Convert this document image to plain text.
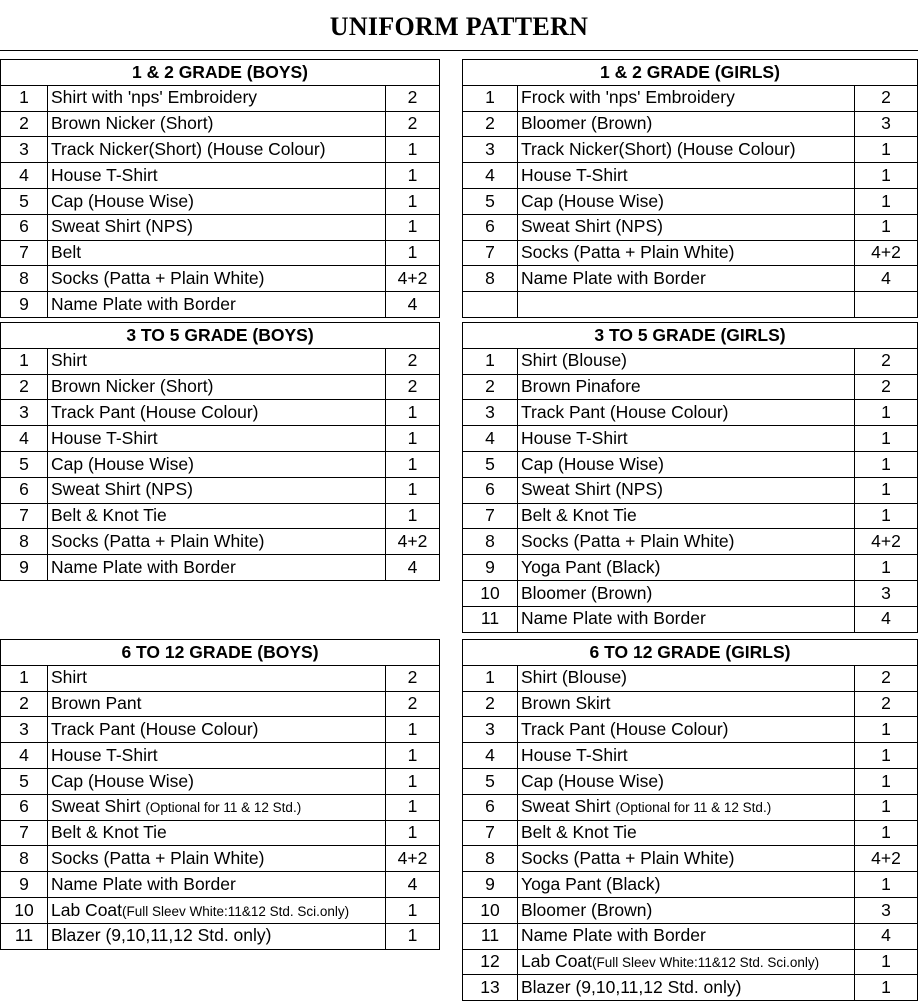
UNIFORM PATTERN
1 & 2 GRADE (BOYS)		
1	Shirt with 'nps' Embroidery	2
2	Brown Nicker (Short)	2
3	Track Nicker(Short) (House Colour)	1
4	House T-Shirt	1
5	Cap (House Wise)	1
6	Sweat Shirt (NPS)	1
7	Belt	1
8	Socks (Patta + Plain White)	4+2
9	Name Plate with Border	4
1 & 2 GRADE (GIRLS)		
1	Frock with 'nps' Embroidery	2
2	Bloomer (Brown)	3
3	Track Nicker(Short) (House Colour)	1
4	House T-Shirt	1
5	Cap (House Wise)	1
6	Sweat Shirt (NPS)	1
7	Socks (Patta + Plain White)	4+2
8	Name Plate with Border	4

3 TO 5 GRADE (BOYS)		
1	Shirt	2
2	Brown Nicker (Short)	2
3	Track Pant (House Colour)	1
4	House T-Shirt	1
5	Cap (House Wise)	1
6	Sweat Shirt (NPS)	1
7	Belt & Knot Tie	1
8	Socks (Patta + Plain White)	4+2
9	Name Plate with Border	4
3 TO 5 GRADE (GIRLS)		
1	Shirt (Blouse)	2
2	Brown Pinafore	2
3	Track Pant (House Colour)	1
4	House T-Shirt	1
5	Cap (House Wise)	1
6	Sweat Shirt (NPS)	1
7	Belt & Knot Tie	1
8	Socks (Patta + Plain White)	4+2
9	Yoga Pant (Black)	1
10	Bloomer (Brown)	3
11	Name Plate with Border	4
6 TO 12 GRADE (BOYS)		
1	Shirt	2
2	Brown Pant	2
3	Track Pant (House Colour)	1
4	House T-Shirt	1
5	Cap (House Wise)	1
6	Sweat Shirt (Optional for 11 & 12 Std.)	1
7	Belt & Knot Tie	1
8	Socks (Patta + Plain White)	4+2
9	Name Plate with Border	4
10	Lab Coat(Full Sleev White:11&12 Std. Sci.only)	1
11	Blazer (9,10,11,12 Std. only)	1
6 TO 12 GRADE (GIRLS)		
1	Shirt (Blouse)	2
2	Brown Skirt	2
3	Track Pant (House Colour)	1
4	House T-Shirt	1
5	Cap (House Wise)	1
6	Sweat Shirt (Optional for 11 & 12 Std.)	1
7	Belt & Knot Tie	1
8	Socks (Patta + Plain White)	4+2
9	Yoga Pant (Black)	1
10	Bloomer (Brown)	3
11	Name Plate with Border	4
12	Lab Coat(Full Sleev White:11&12 Std. Sci.only)	1
13	Blazer (9,10,11,12 Std. only)	1
